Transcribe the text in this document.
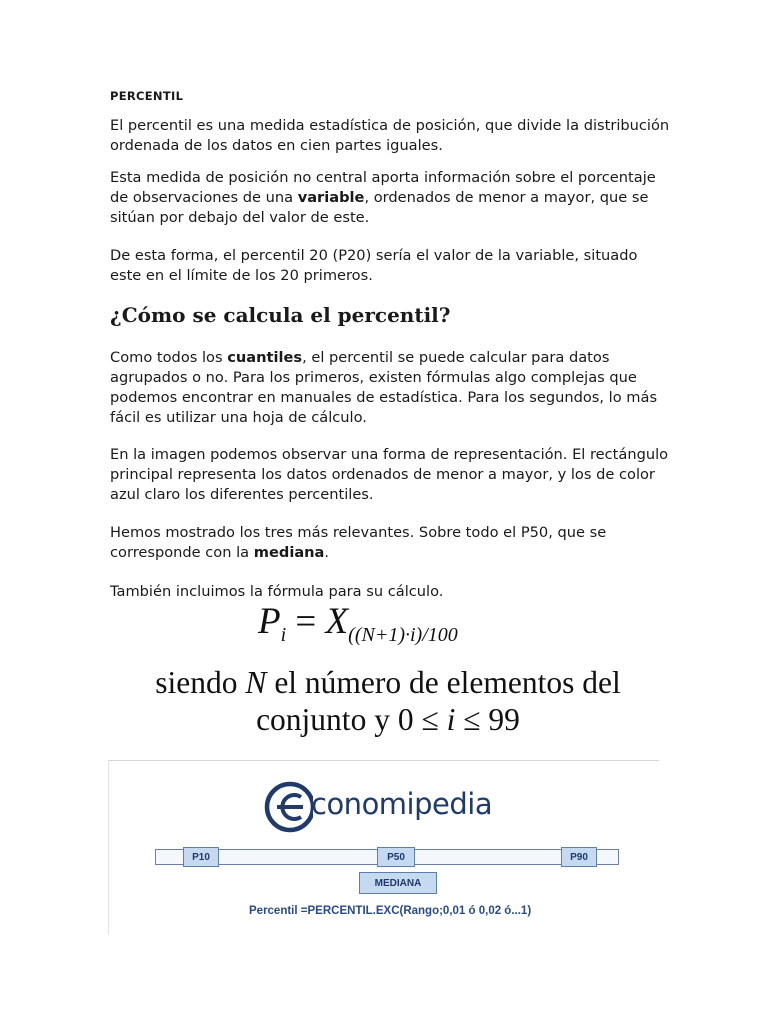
PERCENTIL

El percentil es una medida estadística de posición, que divide la distribución ordenada de los datos en cien partes iguales.

Esta medida de posición no central aporta información sobre el porcentaje de observaciones de una variable, ordenados de menor a mayor, que se sitúan por debajo del valor de este.

De esta forma, el percentil 20 (P20) sería el valor de la variable, situado este en el límite de los 20 primeros.

¿Cómo se calcula el percentil?

Como todos los cuantiles, el percentil se puede calcular para datos agrupados o no. Para los primeros, existen fórmulas algo complejas que podemos encontrar en manuales de estadística. Para los segundos, lo más fácil es utilizar una hoja de cálculo.

En la imagen podemos observar una forma de representación. El rectángulo principal representa los datos ordenados de menor a mayor, y los de color azul claro los diferentes percentiles.

Hemos mostrado los tres más relevantes. Sobre todo el P50, que se corresponde con la mediana.

También incluimos la fórmula para su cálculo.

$P_i = X_{((N+1)\cdot i)/100}$
siendo N el número de elementos del conjunto y 0 ≤ i ≤ 99
conomipedia
P10	P50	P90
MEDIANA
Percentil =PERCENTIL.EXC(Rango;0,01 ó 0,02 ó...1)
